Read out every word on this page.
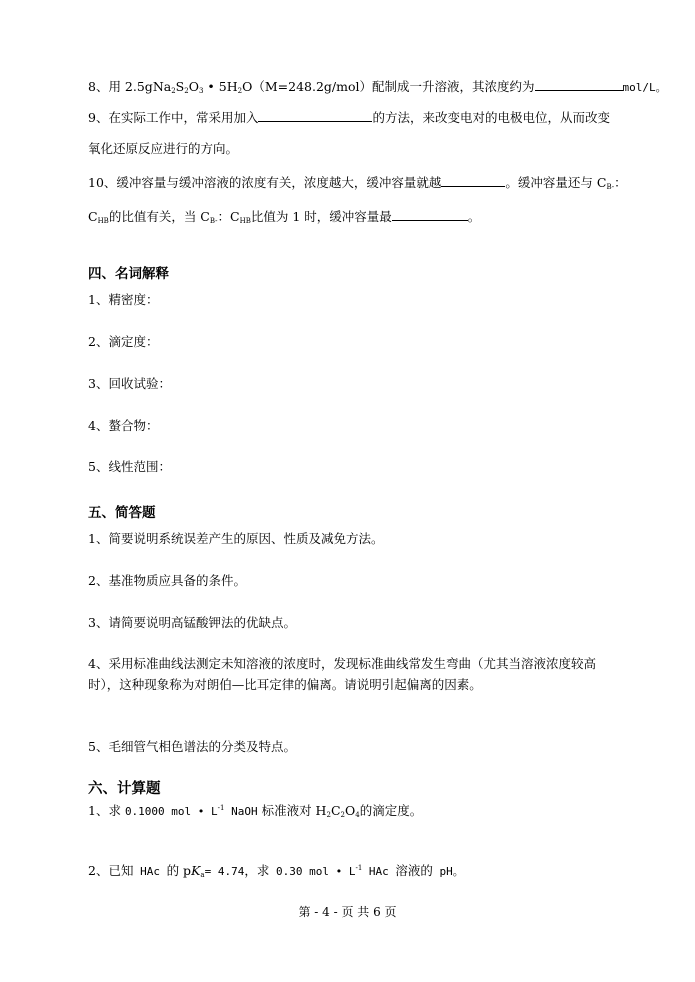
8、用 $2.5gNa_2S_2O_3$ • $5H_2O(M=248.2g/mol)$配制成一升溶液，其浓度约为	mol/L。
9、在实际工作中，常采用加入	的方法，来改变电对的电极电位，从而改变
氧化还原反应进行的方向。
10、缓冲容量与缓冲溶液的浓度有关，浓度越大，缓冲容量就越	。缓冲容量还与 $C_{B-}$：
$C_{HB}$的比值有关，当 $C_{B-}$：$C_{HB}$比值为 1 时，缓冲容量最	。
四、名词解释
1、精密度：
2、滴定度：
3、回收试验：
4、螯合物：
5、线性范围：
五、简答题
1、简要说明系统误差产生的原因、性质及减免方法。
2、基准物质应具备的条件。
3、请简要说明高锰酸钾法的优缺点。
4、采用标准曲线法测定未知溶液的浓度时，发现标准曲线常发生弯曲（尤其当溶液浓度较高
时），这种现象称为对朗伯—比耳定律的偏离。请说明引起偏离的因素。
5、毛细管气相色谱法的分类及特点。
六、计算题
1、求 0.1000 mol • $L^{-1}$ NaOH 标准液对 $H_2C_2O_4$的滴定度。
2、已知 HAc 的 $pK_a= 4.74$，求 0.30 mol • $L^{-1}$ HAc 溶液的 pH。
第 - 4 - 页 共 6 页
